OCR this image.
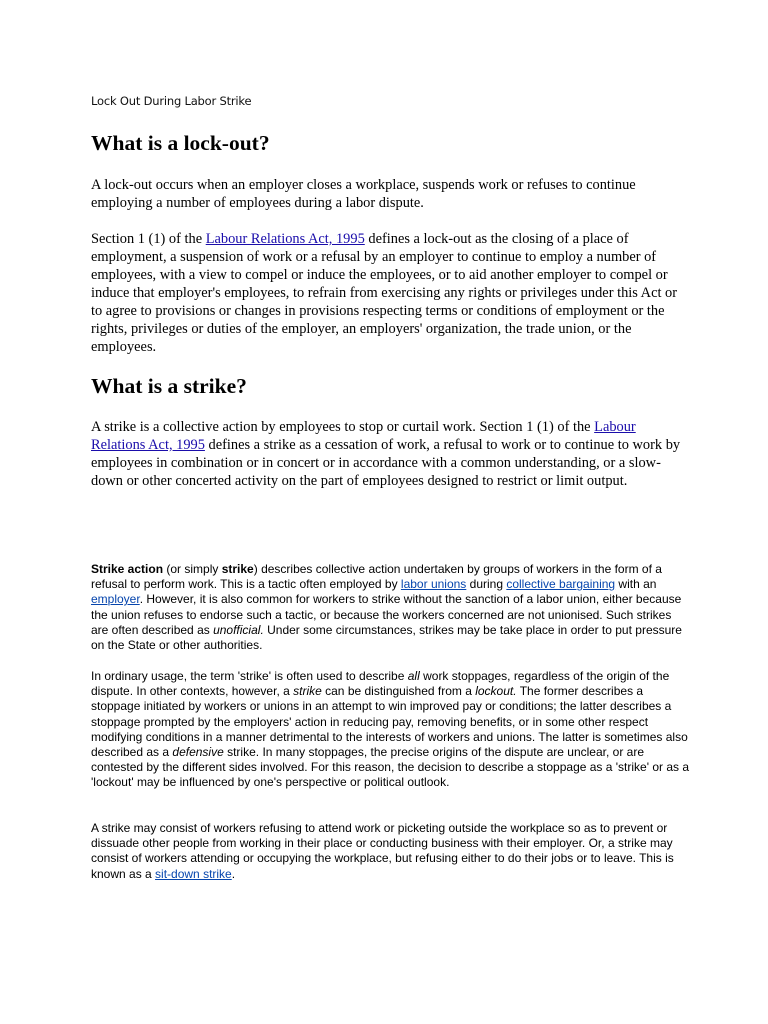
Lock Out During Labor Strike
What is a lock-out?

A lock-out occurs when an employer closes a workplace, suspends work or refuses to continue employing a number of employees during a labor dispute.

Section 1 (1) of the Labour Relations Act, 1995 defines a lock-out as the closing of a place of employment, a suspension of work or a refusal by an employer to continue to employ a number of employees, with a view to compel or induce the employees, or to aid another employer to compel or induce that employer's employees, to refrain from exercising any rights or privileges under this Act or to agree to provisions or changes in provisions respecting terms or conditions of employment or the rights, privileges or duties of the employer, an employers' organization, the trade union, or the employees.

What is a strike?

A strike is a collective action by employees to stop or curtail work. Section 1 (1) of the Labour Relations Act, 1995 defines a strike as a cessation of work, a refusal to work or to continue to work by employees in combination or in concert or in accordance with a common understanding, or a slow-down or other concerted activity on the part of employees designed to restrict or limit output.

Strike action (or simply strike) describes collective action undertaken by groups of workers in the form of a refusal to perform work. This is a tactic often employed by labor unions during collective bargaining with an employer. However, it is also common for workers to strike without the sanction of a labor union, either because the union refuses to endorse such a tactic, or because the workers concerned are not unionised. Such strikes are often described as unofficial. Under some circumstances, strikes may be take place in order to put pressure on the State or other authorities.

In ordinary usage, the term 'strike' is often used to describe all work stoppages, regardless of the origin of the dispute. In other contexts, however, a strike can be distinguished from a lockout. The former describes a stoppage initiated by workers or unions in an attempt to win improved pay or conditions; the latter describes a stoppage prompted by the employers' action in reducing pay, removing benefits, or in some other respect modifying conditions in a manner detrimental to the interests of workers and unions. The latter is sometimes also described as a defensive strike. In many stoppages, the precise origins of the dispute are unclear, or are contested by the different sides involved. For this reason, the decision to describe a stoppage as a 'strike' or as a 'lockout' may be influenced by one's perspective or political outlook.

A strike may consist of workers refusing to attend work or picketing outside the workplace so as to prevent or dissuade other people from working in their place or conducting business with their employer. Or, a strike may consist of workers attending or occupying the workplace, but refusing either to do their jobs or to leave. This is known as a sit-down strike.
